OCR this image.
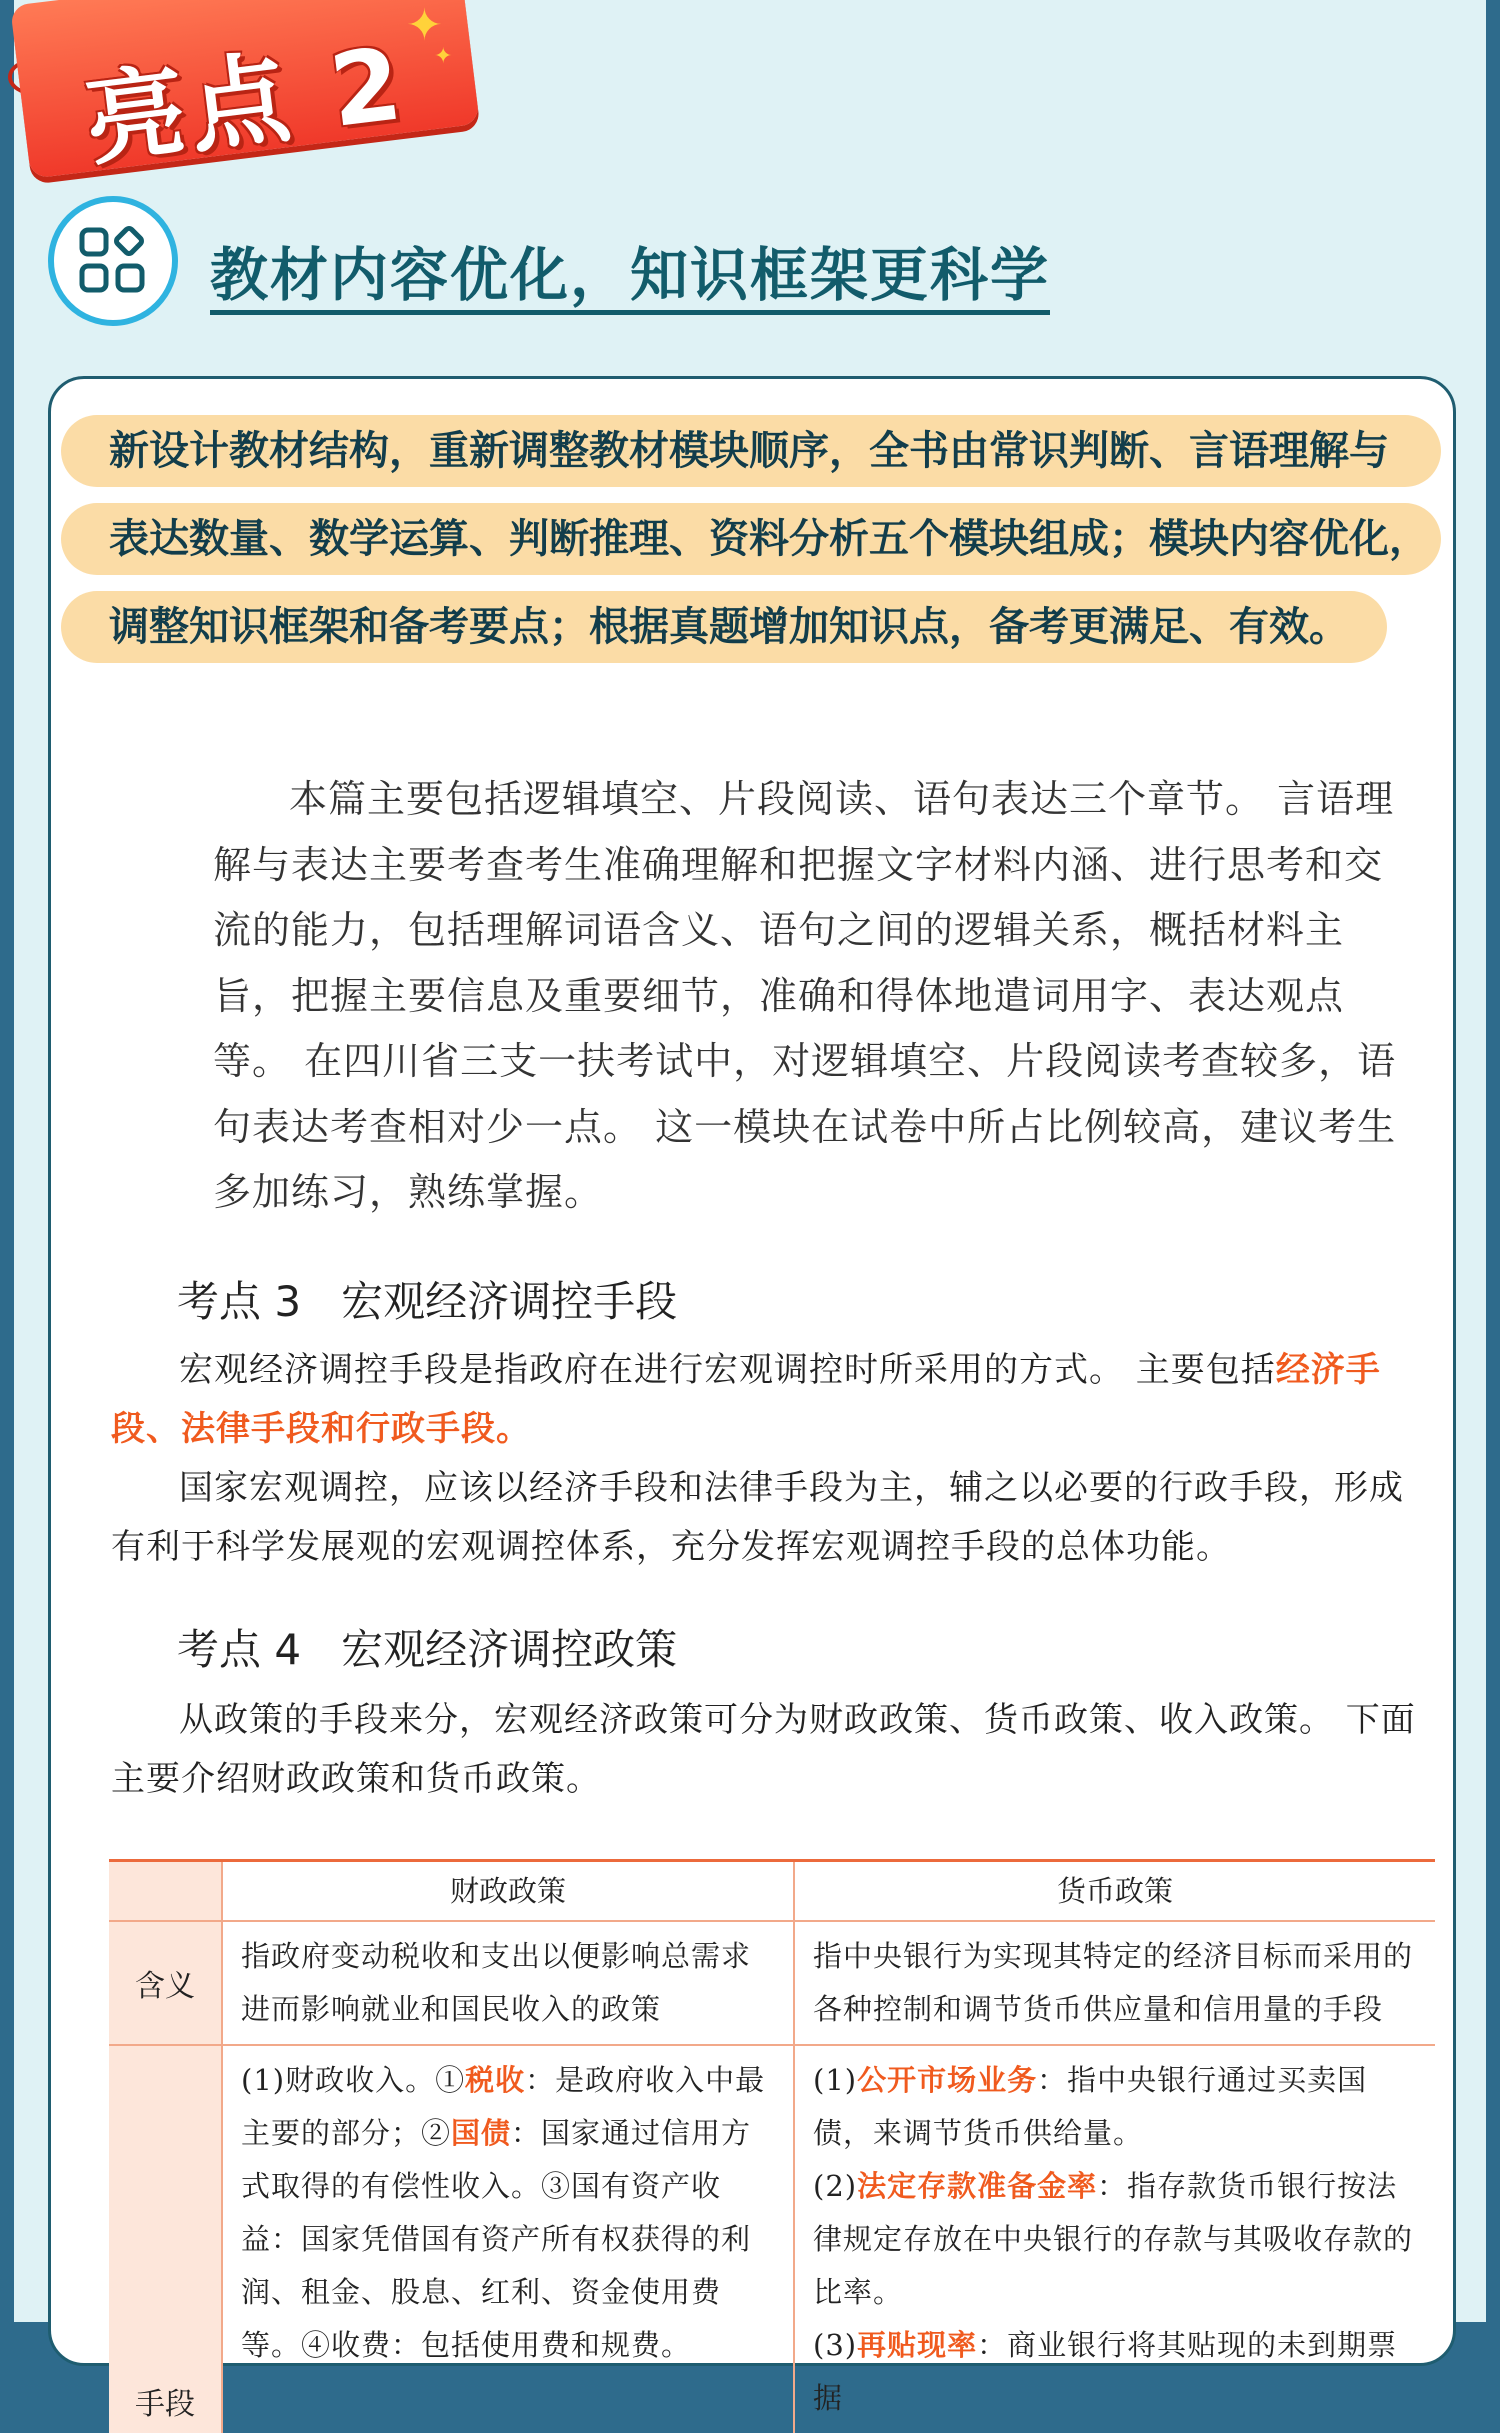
亮点 2
✦
✦
教材内容优化，知识框架更科学
新设计教材结构，重新调整教材模块顺序，全书由常识判断、言语理解与
表达数量、数学运算、判断推理、资料分析五个模块组成；模块内容优化，
调整知识框架和备考要点；根据真题增加知识点，备考更满足、有效。

本篇主要包括逻辑填空、片段阅读、语句表达三个章节。 言语理解与表达主要考查考生准确理解和把握文字材料内涵、进行思考和交流的能力，包括理解词语含义、语句之间的逻辑关系，概括材料主旨，把握主要信息及重要细节，准确和得体地遣词用字、表达观点等。 在四川省三支一扶考试中，对逻辑填空、片段阅读考查较多，语句表达考查相对少一点。 这一模块在试卷中所占比例较高，建议考生多加练习，熟练掌握。

考点 3 宏观经济调控手段

宏观经济调控手段是指政府在进行宏观调控时所采用的方式。 主要包括经济手段、法律手段和行政手段。

国家宏观调控，应该以经济手段和法律手段为主，辅之以必要的行政手段，形成有利于科学发展观的宏观调控体系，充分发挥宏观调控手段的总体功能。

考点 4 宏观经济调控政策

从政策的手段来分，宏观经济政策可分为财政政策、货币政策、收入政策。 下面主要介绍财政政策和货币政策。

	财政政策	货币政策
含义	指政府变动税收和支出以便影响总需求进而影响就业和国民收入的政策	指中央银行为实现其特定的经济目标而采用的各种控制和调节货币供应量和信用量的手段
手段	(1)财政收入。①税收：是政府收入中最主要的部分；②国债：国家通过信用方式取得的有偿性收入。③国有资产收益：国家凭借国有资产所有权获得的利润、租金、股息、红利、资金使用费等。④收费：包括使用费和规费。	(1)公开市场业务：指中央银行通过买卖国债，来调节货币供给量。
(2)法定存款准备金率：指存款货币银行按法律规定存放在中央银行的存款与其吸收存款的比率。
(3)再贴现率：商业银行将其贴现的未到期票据
